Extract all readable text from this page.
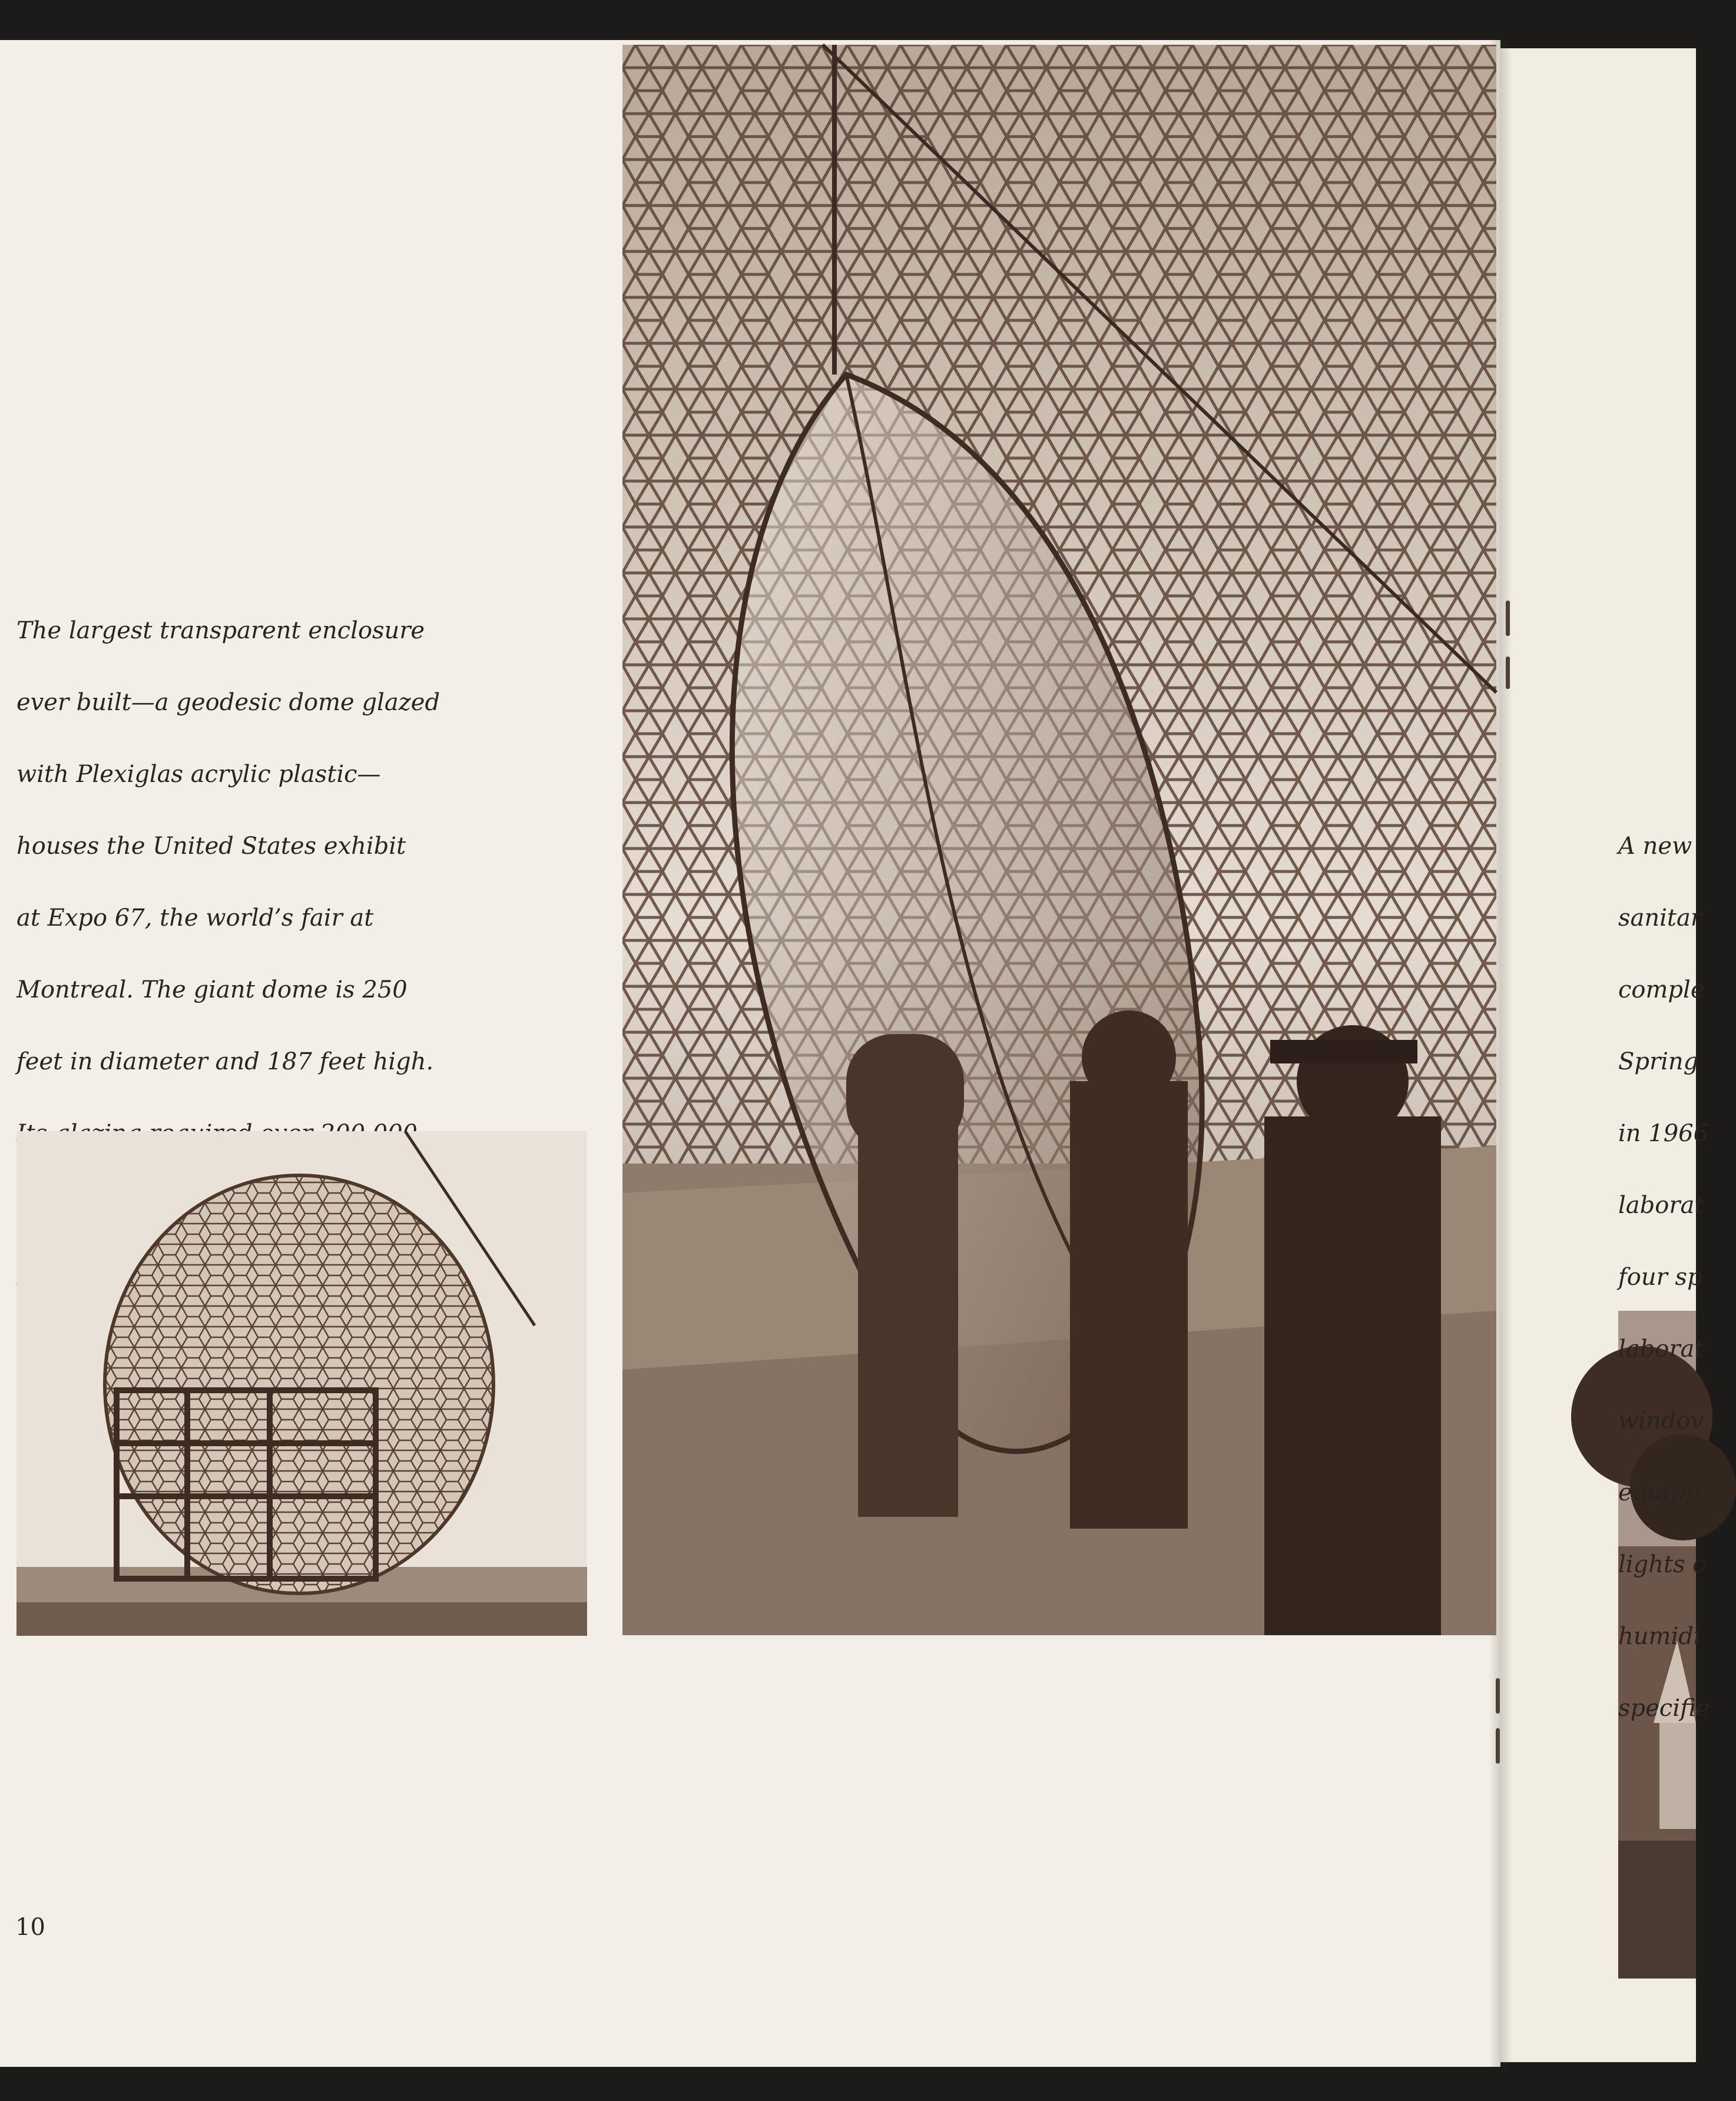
The largest transparent enclosure

ever built—a geodesic dome glazed

with Plexiglas acrylic plastic—

houses the United States exhibit

at Expo 67, the world’s fair at

Montreal. The giant dome is 250

feet in diameter and 187 feet high.

A new

sanitar

comple

Spring

in 1966

laborat

four sp

laborat

windov

equipp

lights c

humidi

specifie

10
